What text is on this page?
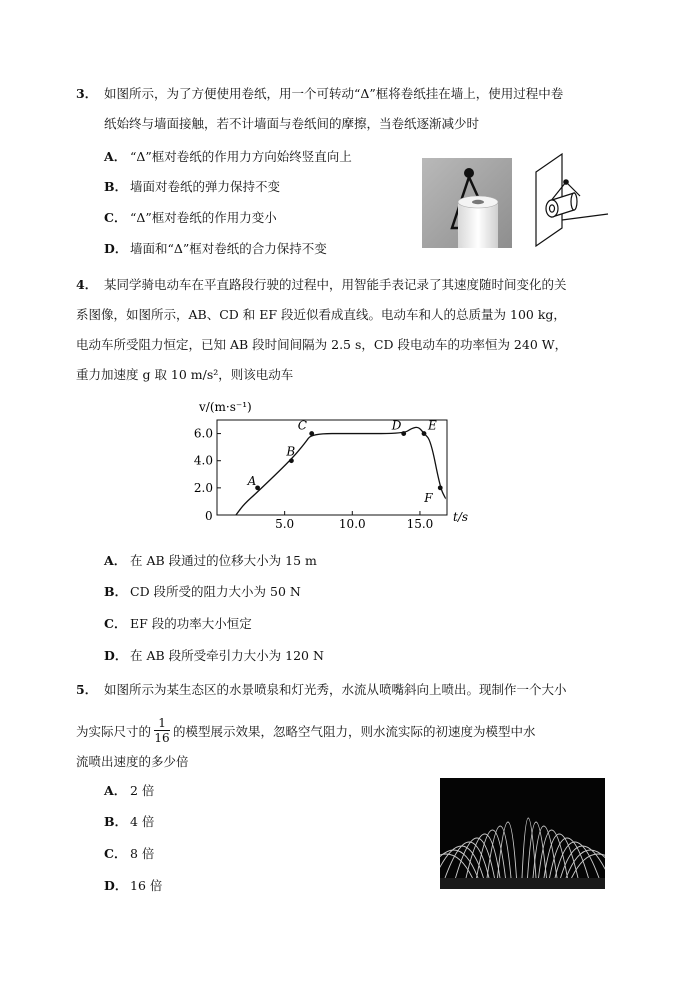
3． 如图所示，为了方便使用卷纸，用一个可转动“Δ”框将卷纸挂在墙上，使用过程中卷
纸始终与墙面接触，若不计墙面与卷纸间的摩擦，当卷纸逐渐减少时
A． “Δ”框对卷纸的作用力方向始终竖直向上
B． 墙面对卷纸的弹力保持不变
C． “Δ”框对卷纸的作用力变小
D． 墙面和“Δ”框对卷纸的合力保持不变
4． 某同学骑电动车在平直路段行驶的过程中，用智能手表记录了其速度随时间变化的关
系图像，如图所示，AB、CD 和 EF 段近似看成直线。电动车和人的总质量为 100 kg，
电动车所受阻力恒定，已知 AB 段时间间隔为 2.5 s，CD 段电动车的功率恒为 240 W，
重力加速度 g 取 10 m/s²，则该电动车
A
B
C	D E
F
5.0	10.0	15.0
2.0
4.0
6.0
v/(m·s⁻¹)
t/s
0
A． 在 AB 段通过的位移大小为 15 m
B． CD 段所受的阻力大小为 50 N
C． EF 段的功率大小恒定
D． 在 AB 段所受牵引力大小为 120 N
5． 如图所示为某生态区的水景喷泉和灯光秀，水流从喷嘴斜向上喷出。现制作一个大小
为实际尺寸的
1
16 的模型展示效果，忽略空气阻力，则水流实际的初速度为模型中水
流喷出速度的多少倍
A． 2 倍
B． 4 倍
C． 8 倍
D． 16 倍
